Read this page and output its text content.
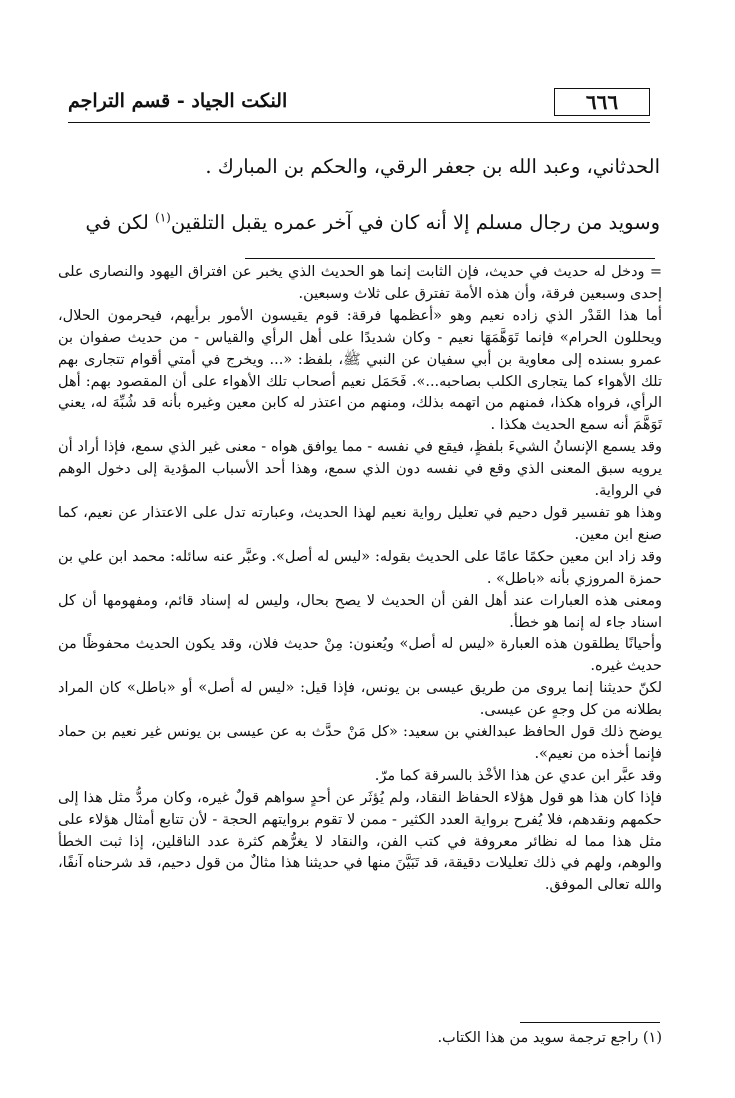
٦٦٦
النكت الجياد - قسم التراجم

الحدثاني، وعبد الله بن جعفر الرقي، والحكم بن المبارك .

وسويد من رجال مسلم إلا أنه كان في آخر عمره يقبل التلقين$^{(١)}$ لكن في

= ودخل له حديث في حديث، فإن الثابت إنما هو الحديث الذي يخبر عن افتراق اليهود والنصارى على إحدى وسبعين فرقة، وأن هذه الأمة تفترق على ثلاث وسبعين.

أما هذا القَدْر الذي زاده نعيم وهو «أعظمها فرقة: قوم يقيسون الأمور برأيهم، فيحرمون الحلال، ويحللون الحرام» فإنما تَوَهَّمَهَا نعيم - وكان شديدًا على أهل الرأي والقياس - من حديث صفوان بن عمرو بسنده إلى معاوية بن أبي سفيان عن النبي ﷺ، بلفظ: «... ويخرج في أمتي أقوام تتجارى بهم تلك الأهواء كما يتجارى الكلب بصاحبه...». فَحَمَل نعيم أصحاب تلك الأهواء على أن المقصود بهم: أهل الرأي، فرواه هكذا، فمنهم من اتهمه بذلك، ومنهم من اعتذر له كابن معين وغيره بأنه قد شُبِّهَ له، يعني تَوَهَّمَ أنه سمع الحديث هكذا .

وقد يسمع الإنسانُ الشيءَ بلفظٍ، فيقع في نفسه - مما يوافق هواه - معنى غير الذي سمع، فإذا أراد أن يرويه سبق المعنى الذي وقع في نفسه دون الذي سمع، وهذا أحد الأسباب المؤدية إلى دخول الوهم في الرواية.

وهذا هو تفسير قول دحيم في تعليل رواية نعيم لهذا الحديث، وعبارته تدل على الاعتذار عن نعيم، كما صنع ابن معين.

وقد زاد ابن معين حكمًا عامًا على الحديث بقوله: «ليس له أصل». وعبَّر عنه سائله: محمد ابن علي بن حمزة المروزي بأنه «باطل» .

ومعنى هذه العبارات عند أهل الفن أن الحديث لا يصح بحال، وليس له إسناد قائم، ومفهومها أن كل اسناد جاء له إنما هو خطأ.

وأحيانًا يطلقون هذه العبارة «ليس له أصل» ويُعنون: مِنْ حديث فلان، وقد يكون الحديث محفوظًا من حديث غيره.

لكنّ حديثنا إنما يروى من طريق عيسى بن يونس، فإذا قيل: «ليس له أصل» أو «باطل» كان المراد بطلانه من كل وجهٍ عن عيسى.

يوضح ذلك قول الحافظ عبدالغني بن سعيد: «كل مَنْ حدَّث به عن عيسى بن يونس غير نعيم بن حماد فإنما أخذه من نعيم».

وقد عبَّر ابن عدي عن هذا الأخْذ بالسرقة كما مرّ.

فإذا كان هذا هو قول هؤلاء الحفاظ النقاد، ولم يُؤثَر عن أحدٍ سواهم قولٌ غيره، وكان مردُّ مثل هذا إلى حكمهم ونقدهم، فلا يُفرح برواية العدد الكثير - ممن لا تقوم بروايتهم الحجة - لأن تتابع أمثال هؤلاء على مثل هذا مما له نظائر معروفة في كتب الفن، والنقاد لا يغرُّهم كثرة عدد الناقلين، إذا ثبت الخطأ والوهم، ولهم في ذلك تعليلات دقيقة، قد تَبَيَّنَ منها في حديثنا هذا مثالٌ من قول دحيم، قد شرحناه آنفًا، والله تعالى الموفق.

(١) راجع ترجمة سويد من هذا الكتاب.
